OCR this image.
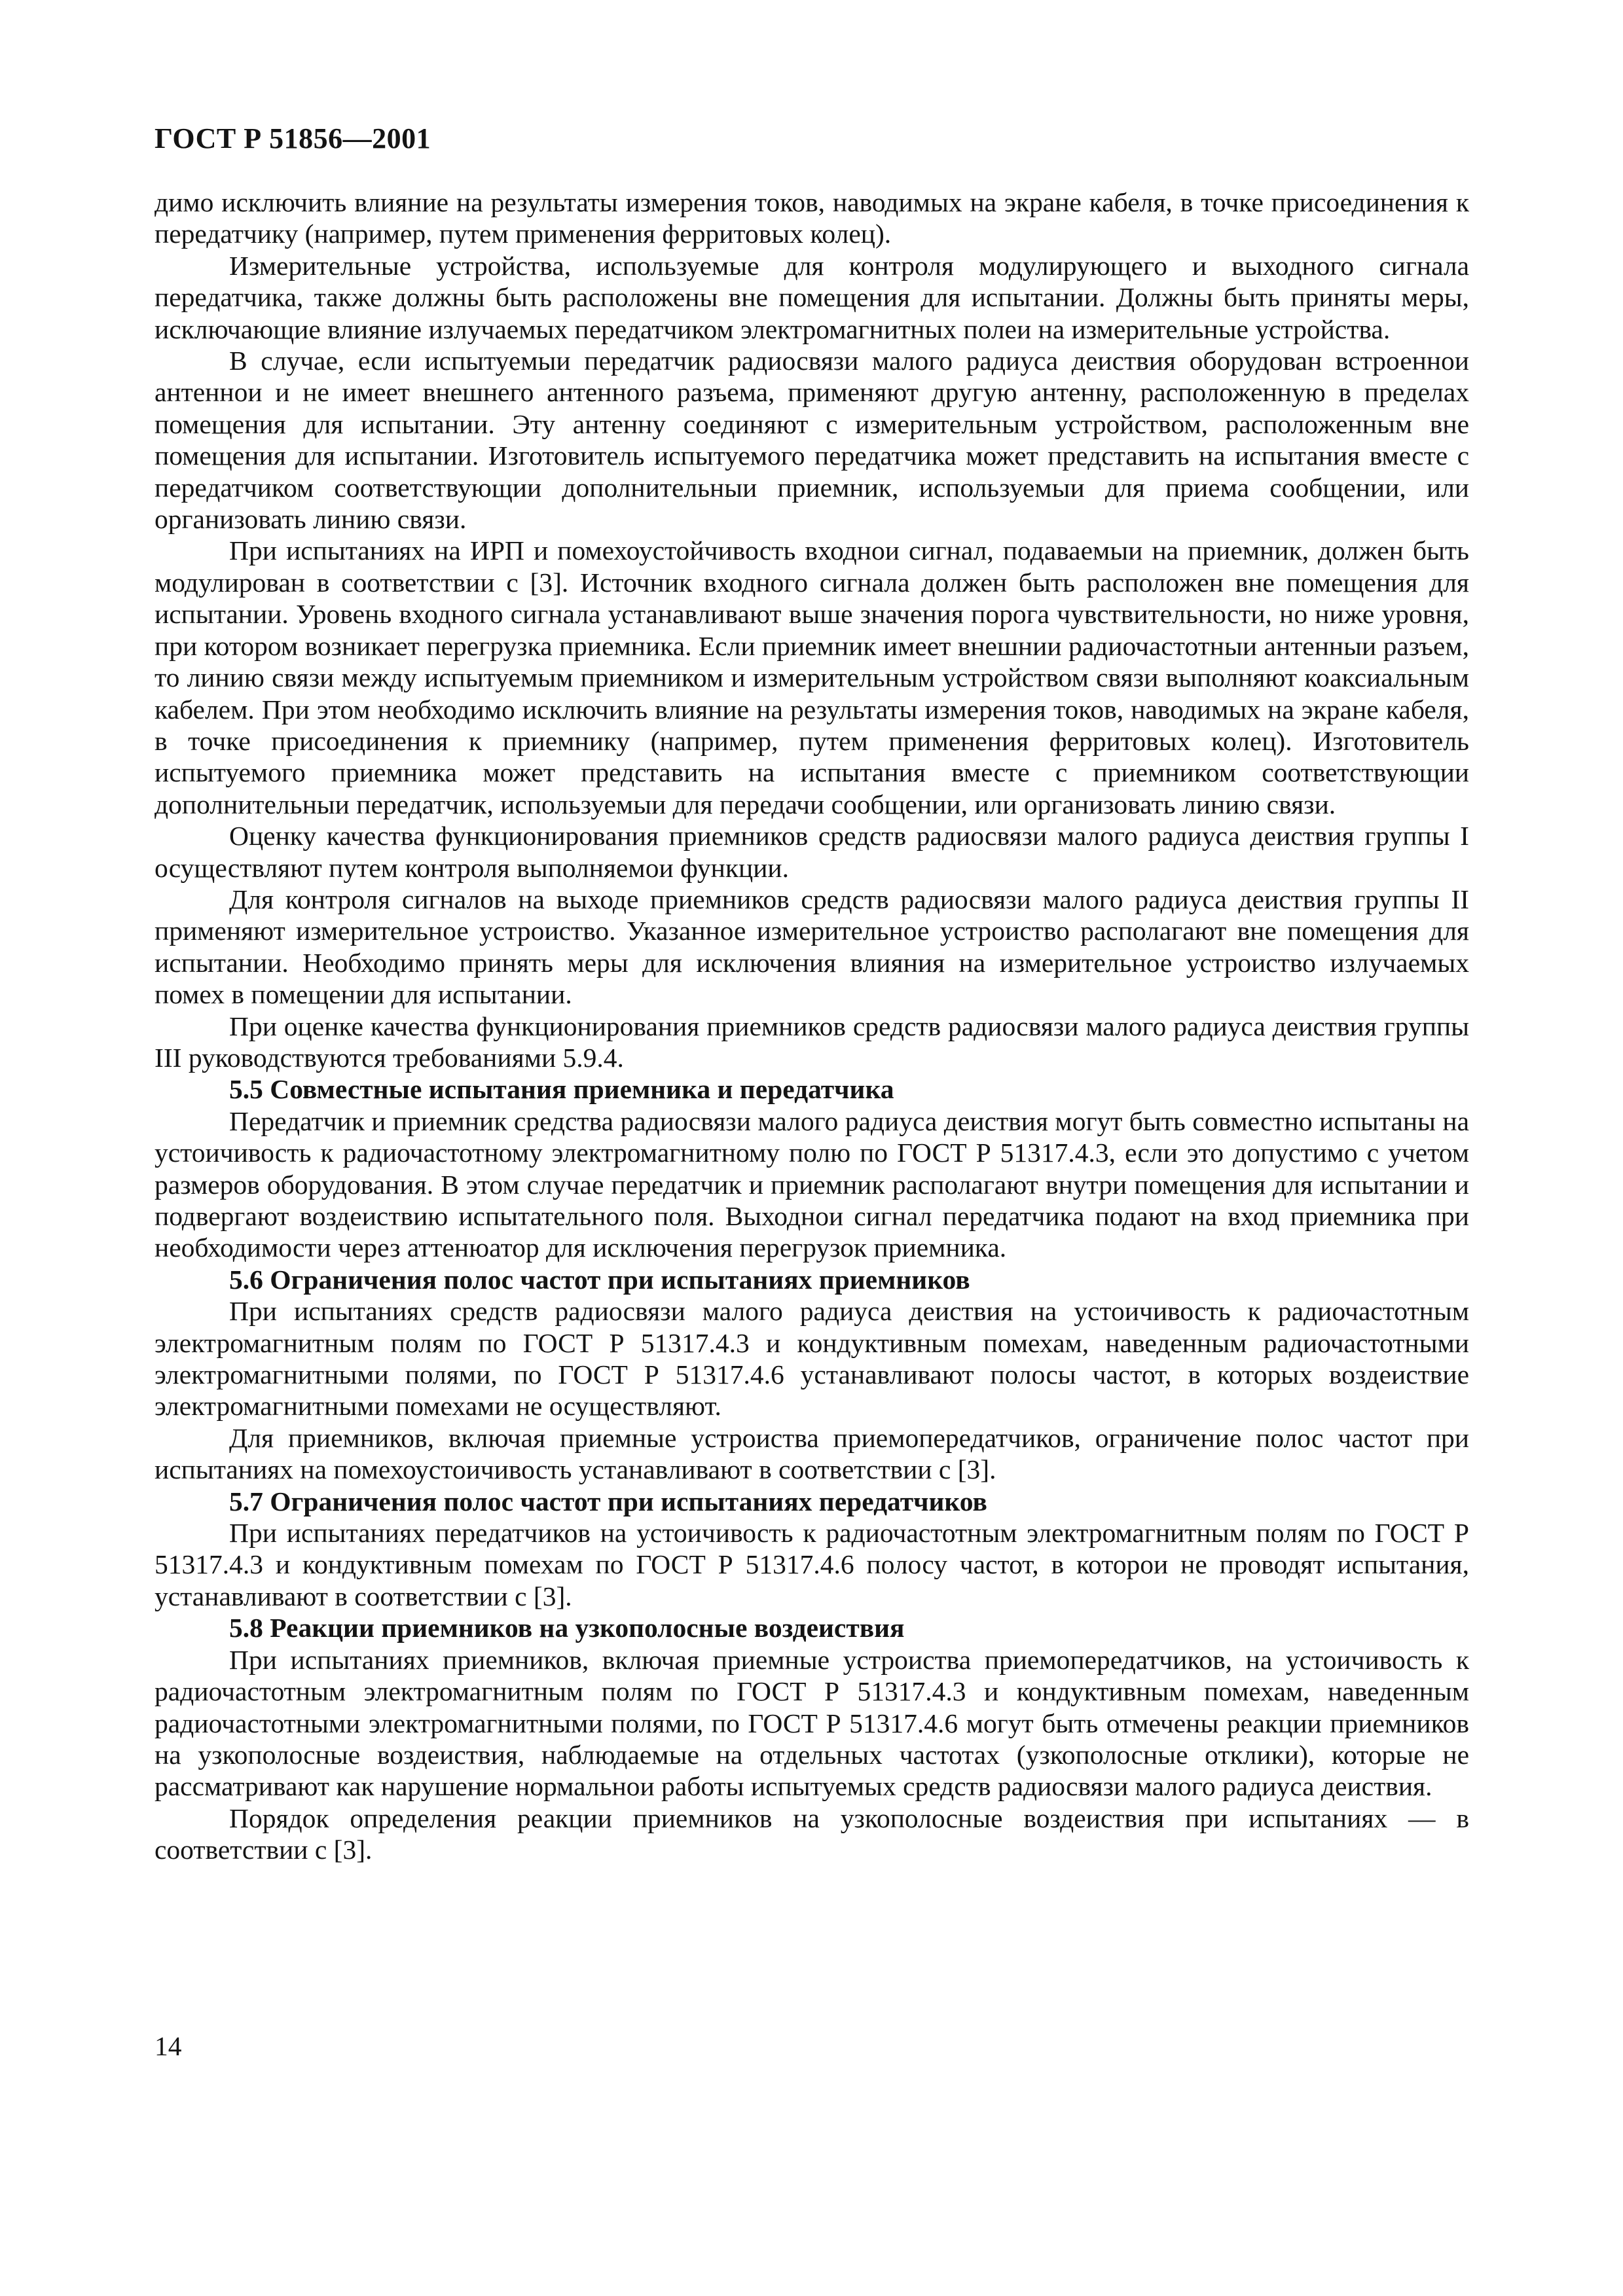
ГОСТ Р 51856—2001

димо исключить влияние на результаты измерения токов, наводимых на экране кабеля, в точке присоединения к передатчику (например, путем применения ферритовых колец).

Измерительные устройства, используемые для контроля модулирующего и выходного сигнала передатчика, также должны быть расположены вне помещения для испытании. Должны быть приняты меры, исключающие влияние излучаемых передатчиком электромагнитных полеи на измерительные устройства.

В случае, если испытуемыи передатчик радиосвязи малого радиуса деиствия оборудован встроеннои антеннои и не имеет внешнего антенного разъема, применяют другую антенну, расположенную в пределах помещения для испытании. Эту антенну соединяют с измерительным устройством, расположенным вне помещения для испытании. Изготовитель испытуемого передатчика может представить на испытания вместе с передатчиком соответствующии дополнительныи приемник, используемыи для приема сообщении, или организовать линию связи.

При испытаниях на ИРП и помехоустойчивость входнои сигнал, подаваемыи на приемник, должен быть модулирован в соответствии с [3]. Источник входного сигнала должен быть расположен вне помещения для испытании. Уровень входного сигнала устанавливают выше значения порога чувствительности, но ниже уровня, при котором возникает перегрузка приемника. Если приемник имеет внешнии радиочастотныи антенныи разъем, то линию связи между испытуемым приемником и измерительным устройством связи выполняют коаксиальным кабелем. При этом необходимо исключить влияние на результаты измерения токов, наводимых на экране кабеля, в точке присоединения к приемнику (например, путем применения ферритовых колец). Изготовитель испытуемого приемника может представить на испытания вместе с приемником соответствующии дополнительныи передатчик, используемыи для передачи сообщении, или организовать линию связи.

Оценку качества функционирования приемников средств радиосвязи малого радиуса деиствия группы I осуществляют путем контроля выполняемои функции.

Для контроля сигналов на выходе приемников средств радиосвязи малого радиуса деиствия группы II применяют измерительное устроиство. Указанное измерительное устроиство располагают вне помещения для испытании. Необходимо принять меры для исключения влияния на измерительное устроиство излучаемых помех в помещении для испытании.

При оценке качества функционирования приемников средств радиосвязи малого радиуса деиствия группы III руководствуются требованиями 5.9.4.

5.5 Совместные испытания приемника и передатчика

Передатчик и приемник средства радиосвязи малого радиуса деиствия могут быть совместно испытаны на устоичивость к радиочастотному электромагнитному полю по ГОСТ Р 51317.4.3, если это допустимо с учетом размеров оборудования. В этом случае передатчик и приемник располагают внутри помещения для испытании и подвергают воздеиствию испытательного поля. Выходнои сигнал передатчика подают на вход приемника при необходимости через аттенюатор для исключения перегрузок приемника.

5.6 Ограничения полос частот при испытаниях приемников

При испытаниях средств радиосвязи малого радиуса деиствия на устоичивость к радиочастотным электромагнитным полям по ГОСТ Р 51317.4.3 и кондуктивным помехам, наведенным радиочастотными электромагнитными полями, по ГОСТ Р 51317.4.6 устанавливают полосы частот, в которых воздеиствие электромагнитными помехами не осуществляют.

Для приемников, включая приемные устроиства приемопередатчиков, ограничение полос частот при испытаниях на помехоустоичивость устанавливают в соответствии с [3].

5.7 Ограничения полос частот при испытаниях передатчиков

При испытаниях передатчиков на устоичивость к радиочастотным электромагнитным полям по ГОСТ Р 51317.4.3 и кондуктивным помехам по ГОСТ Р 51317.4.6 полосу частот, в которои не проводят испытания, устанавливают в соответствии с [3].

5.8 Реакции приемников на узкополосные воздеиствия

При испытаниях приемников, включая приемные устроиства приемопередатчиков, на устоичивость к радиочастотным электромагнитным полям по ГОСТ Р 51317.4.3 и кондуктивным помехам, наведенным радиочастотными электромагнитными полями, по ГОСТ Р 51317.4.6 могут быть отмечены реакции приемников на узкополосные воздеиствия, наблюдаемые на отдельных частотах (узкополосные отклики), которые не рассматривают как нарушение нормальнои работы испытуемых средств радиосвязи малого радиуса деиствия.

Порядок определения реакции приемников на узкополосные воздеиствия при испытаниях — в соответствии с [3].

14
